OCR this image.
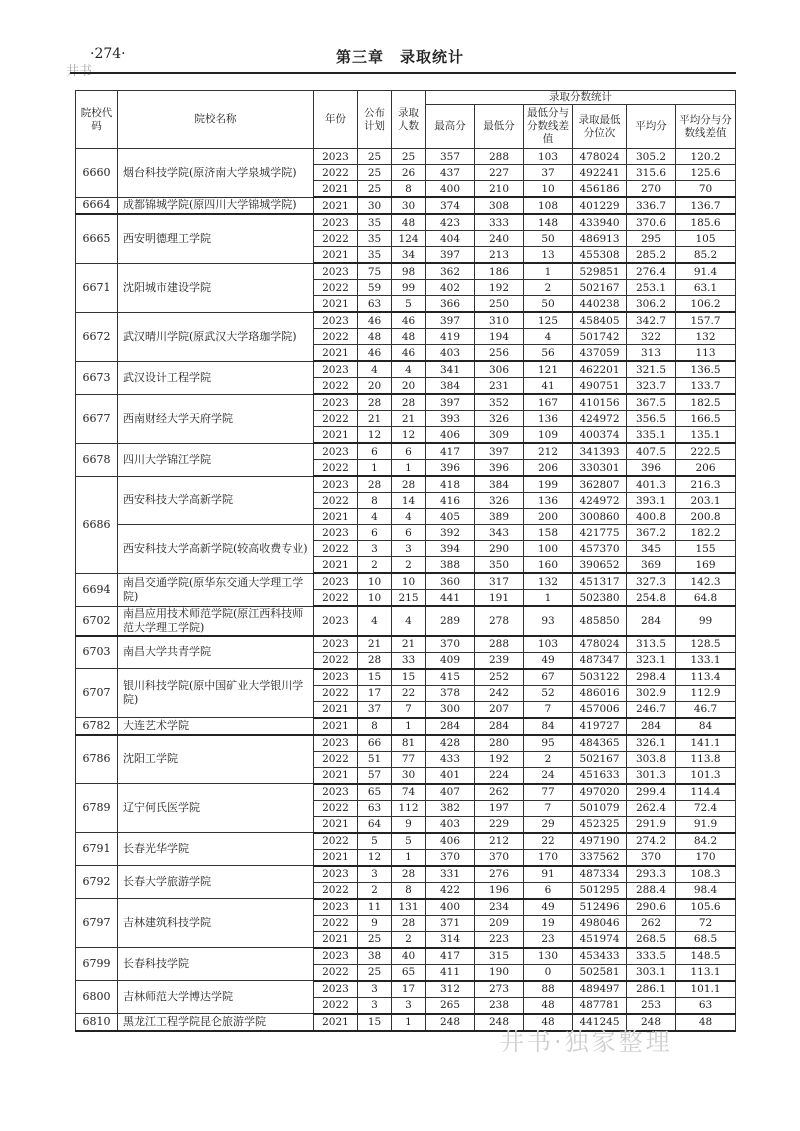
·274·	第三章　录取统计
井书
院校代码	院校名称	年份	公布计划	录取人数	录取分数统计					
					最高分	最低分	最低分与分数线差值	录取最低分位次	平均分	平均分与分数线差值
6660	烟台科技学院(原济南大学泉城学院)	2023	25	25	357	288	103	478024	305.2	120.2
		2022	25	26	437	227	37	492241	315.6	125.6
		2021	25	8	400	210	10	456186	270	70
6664	成都锦城学院(原四川大学锦城学院)	2021	30	30	374	308	108	401229	336.7	136.7
6665	西安明德理工学院	2023	35	48	423	333	148	433940	370.6	185.6
		2022	35	124	404	240	50	486913	295	105
		2021	35	34	397	213	13	455308	285.2	85.2
6671	沈阳城市建设学院	2023	75	98	362	186	1	529851	276.4	91.4
		2022	59	99	402	192	2	502167	253.1	63.1
		2021	63	5	366	250	50	440238	306.2	106.2
6672	武汉晴川学院(原武汉大学珞珈学院)	2023	46	46	397	310	125	458405	342.7	157.7
		2022	48	48	419	194	4	501742	322	132
		2021	46	46	403	256	56	437059	313	113
6673	武汉设计工程学院	2023	4	4	341	306	121	462201	321.5	136.5
		2022	20	20	384	231	41	490751	323.7	133.7
6677	西南财经大学天府学院	2023	28	28	397	352	167	410156	367.5	182.5
		2022	21	21	393	326	136	424972	356.5	166.5
		2021	12	12	406	309	109	400374	335.1	135.1
6678	四川大学锦江学院	2023	6	6	417	397	212	341393	407.5	222.5
		2022	1	1	396	396	206	330301	396	206
6686	西安科技大学高新学院	2023	28	28	418	384	199	362807	401.3	216.3
		2022	8	14	416	326	136	424972	393.1	203.1
		2021	4	4	405	389	200	300860	400.8	200.8
	西安科技大学高新学院(较高收费专业)	2023	6	6	392	343	158	421775	367.2	182.2
		2022	3	3	394	290	100	457370	345	155
		2021	2	2	388	350	160	390652	369	169
6694	南昌交通学院(原华东交通大学理工学院)	2023	10	10	360	317	132	451317	327.3	142.3
		2022	10	215	441	191	1	502380	254.8	64.8
6702	南昌应用技术师范学院(原江西科技师范大学理工学院)	2023	4	4	289	278	93	485850	284	99
6703	南昌大学共青学院	2023	21	21	370	288	103	478024	313.5	128.5
		2022	28	33	409	239	49	487347	323.1	133.1
6707	银川科技学院(原中国矿业大学银川学院)	2023	15	15	415	252	67	503122	298.4	113.4
		2022	17	22	378	242	52	486016	302.9	112.9
		2021	37	7	300	207	7	457006	246.7	46.7
6782	大连艺术学院	2021	8	1	284	284	84	419727	284	84
6786	沈阳工学院	2023	66	81	428	280	95	484365	326.1	141.1
		2022	51	77	433	192	2	502167	303.8	113.8
		2021	57	30	401	224	24	451633	301.3	101.3
6789	辽宁何氏医学院	2023	65	74	407	262	77	497020	299.4	114.4
		2022	63	112	382	197	7	501079	262.4	72.4
		2021	64	9	403	229	29	452325	291.9	91.9
6791	长春光华学院	2022	5	5	406	212	22	497190	274.2	84.2
		2021	12	1	370	370	170	337562	370	170
6792	长春大学旅游学院	2023	3	28	331	276	91	487334	293.3	108.3
		2022	2	8	422	196	6	501295	288.4	98.4
6797	吉林建筑科技学院	2023	11	131	400	234	49	512496	290.6	105.6
		2022	9	28	371	209	19	498046	262	72
		2021	25	2	314	223	23	451974	268.5	68.5
6799	长春科技学院	2023	38	40	417	315	130	453433	333.5	148.5
		2022	25	65	411	190	0	502581	303.1	113.1
6800	吉林师范大学博达学院	2023	3	17	312	273	88	489497	286.1	101.1
		2022	3	3	265	238	48	487781	253	63
6810	黑龙江工程学院昆仑旅游学院	2021	15	1	248	248	48	441245	248	48
井书·独家整理
